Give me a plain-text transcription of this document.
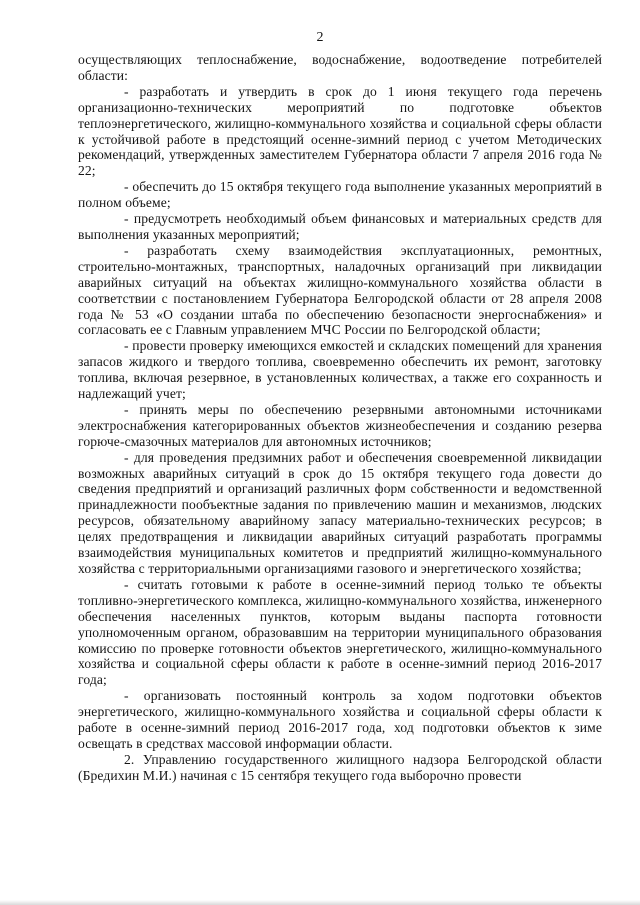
2

осуществляющих теплоснабжение, водоснабжение, водоотведение потребителей области:

- разработать и утвердить в срок до 1 июня текущего года перечень организационно-технических мероприятий по подготовке объектов теплоэнергетического, жилищно-коммунального хозяйства и социальной сферы области к устойчивой работе в предстоящий осенне-зимний период с учетом Методических рекомендаций, утвержденных заместителем Губернатора области 7 апреля 2016 года № 22;

- обеспечить до 15 октября текущего года выполнение указанных мероприятий в полном объеме;

- предусмотреть необходимый объем финансовых и материальных средств для выполнения указанных мероприятий;

- разработать схему взаимодействия эксплуатационных, ремонтных, строительно-монтажных, транспортных, наладочных организаций при ликвидации аварийных ситуаций на объектах жилищно-коммунального хозяйства области в соответствии с постановлением Губернатора Белгородской области от 28 апреля 2008 года № 53 «О создании штаба по обеспечению безопасности энергоснабжения» и согласовать ее с Главным управлением МЧС России по Белгородской области;

- провести проверку имеющихся емкостей и складских помещений для хранения запасов жидкого и твердого топлива, своевременно обеспечить их ремонт, заготовку топлива, включая резервное, в установленных количествах, а также его сохранность и надлежащий учет;

- принять меры по обеспечению резервными автономными источниками электроснабжения категорированных объектов жизнеобеспечения и созданию резерва горюче-смазочных материалов для автономных источников;

- для проведения предзимних работ и обеспечения своевременной ликвидации возможных аварийных ситуаций в срок до 15 октября текущего года довести до сведения предприятий и организаций различных форм собственности и ведомственной принадлежности пообъектные задания по привлечению машин и механизмов, людских ресурсов, обязательному аварийному запасу материально-технических ресурсов; в целях предотвращения и ликвидации аварийных ситуаций разработать программы взаимодействия муниципальных комитетов и предприятий жилищно-коммунального хозяйства с территориальными организациями газового и энергетического хозяйства;

- считать готовыми к работе в осенне-зимний период только те объекты топливно-энергетического комплекса, жилищно-коммунального хозяйства, инженерного обеспечения населенных пунктов, которым выданы паспорта готовности уполномоченным органом, образовавшим на территории муниципального образования комиссию по проверке готовности объектов энергетического, жилищно-коммунального хозяйства и социальной сферы области к работе в осенне-зимний период 2016-2017 года;

- организовать постоянный контроль за ходом подготовки объектов энергетического, жилищно-коммунального хозяйства и социальной сферы области к работе в осенне-зимний период 2016-2017 года, ход подготовки объектов к зиме освещать в средствах массовой информации области.

2. Управлению государственного жилищного надзора Белгородской области (Бредихин М.И.) начиная с 15 сентября текущего года выборочно провести
